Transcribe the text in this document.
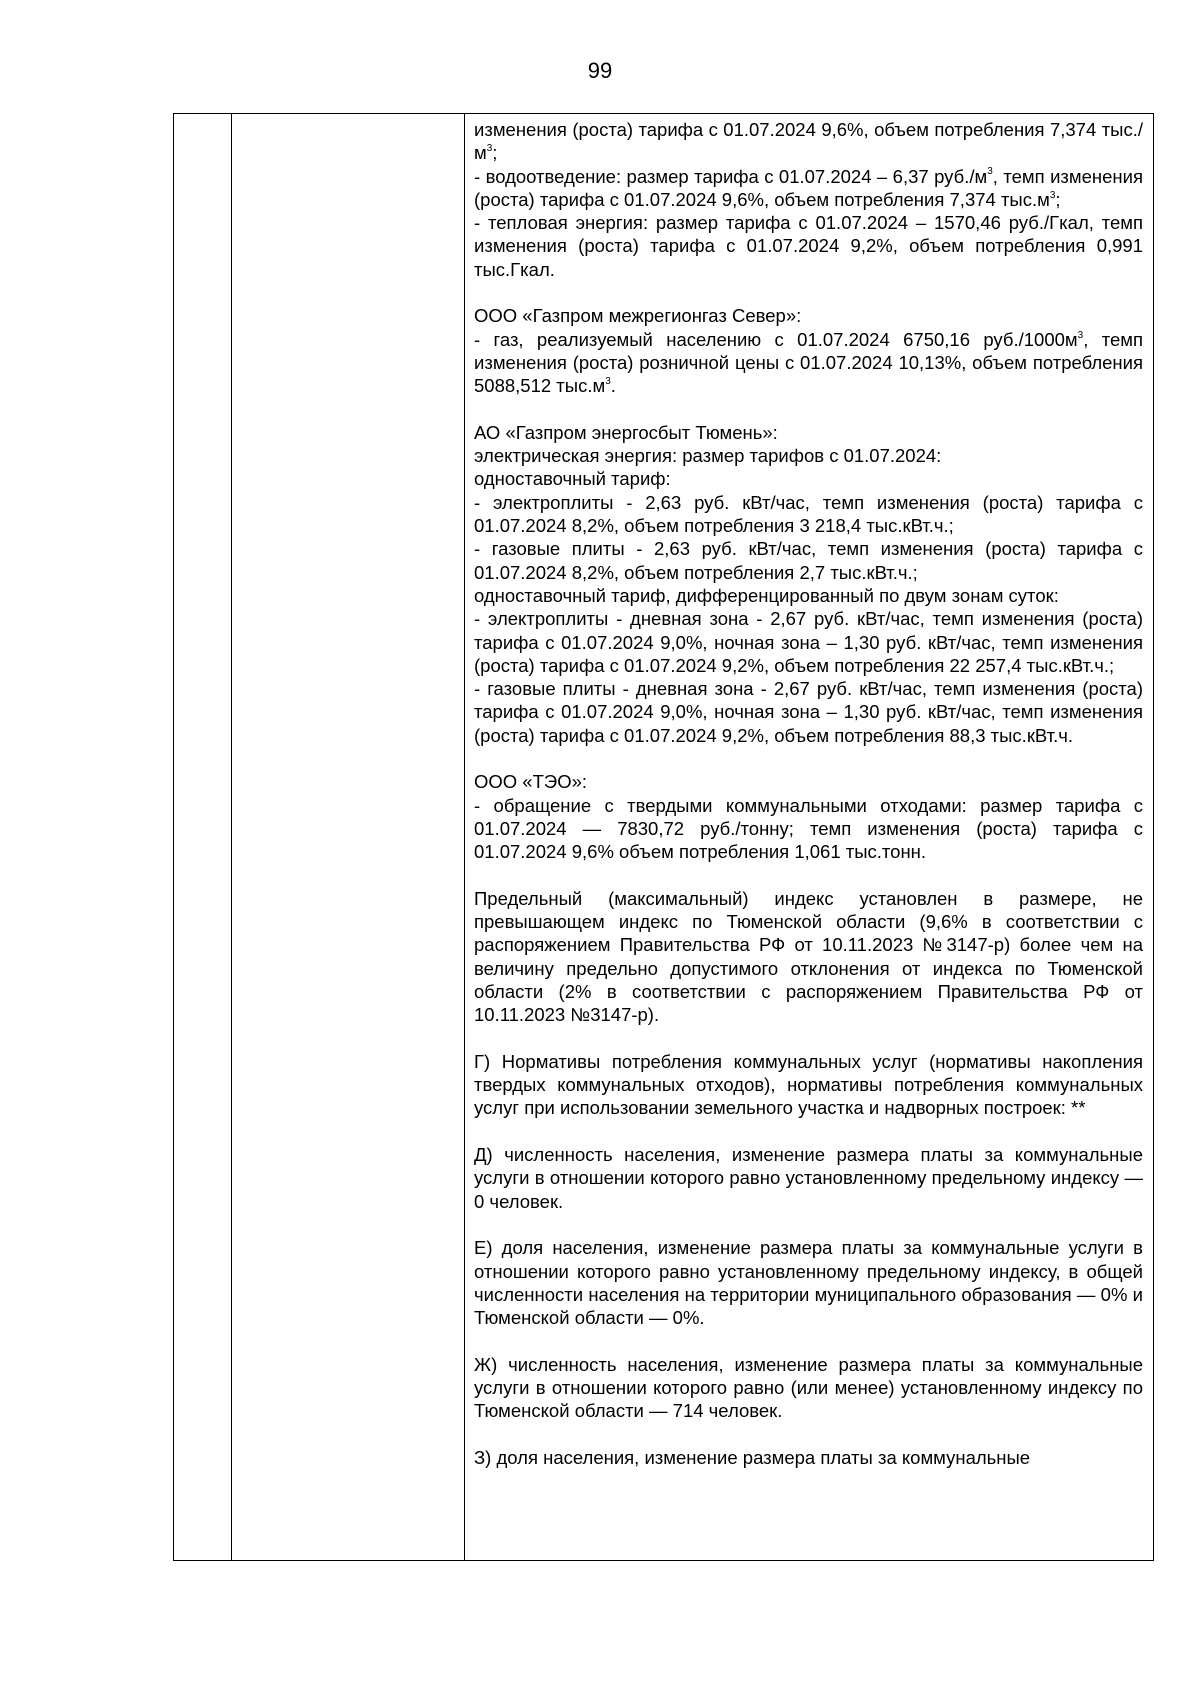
99

изменения (роста) тарифа с 01.07.2024 9,6%, объем потребления 7,374 $тыс./м^3$;

- водоотведение: размер тарифа с 01.07.2024 – 6,37 $руб./м^3$, темп изменения (роста) тарифа с 01.07.2024 9,6%, объем потребления 7,374 $тыс.м^3$;

- тепловая энергия: размер тарифа с 01.07.2024 – 1570,46 руб./Гкал, темп изменения (роста) тарифа с 01.07.2024 9,2%, объем потребления 0,991 тыс.Гкал.

ООО «Газпром межрегионгаз Север»:

- газ, реализуемый населению с 01.07.2024 6750,16 $руб./1000м^3$, темп изменения (роста) розничной цены с 01.07.2024 10,13%, объем потребления 5088,512 $тыс.м^3$.

АО «Газпром энергосбыт Тюмень»:

электрическая энергия: размер тарифов с 01.07.2024:

одноставочный тариф:

- электроплиты - 2,63 руб. кВт/час, темп изменения (роста) тарифа с 01.07.2024 8,2%, объем потребления 3 218,4 тыс.кВт.ч.;

- газовые плиты - 2,63 руб. кВт/час, темп изменения (роста) тарифа с 01.07.2024 8,2%, объем потребления 2,7 тыс.кВт.ч.;

одноставочный тариф, дифференцированный по двум зонам суток:

- электроплиты - дневная зона - 2,67 руб. кВт/час, темп изменения (роста) тарифа с 01.07.2024 9,0%, ночная зона – 1,30 руб. кВт/час, темп изменения (роста) тарифа с 01.07.2024 9,2%, объем потребления 22 257,4 тыс.кВт.ч.;

- газовые плиты - дневная зона - 2,67 руб. кВт/час, темп изменения (роста) тарифа с 01.07.2024 9,0%, ночная зона – 1,30 руб. кВт/час, темп изменения (роста) тарифа с 01.07.2024 9,2%, объем потребления 88,3 тыс.кВт.ч.

ООО «ТЭО»:

- обращение с твердыми коммунальными отходами: размер тарифа с 01.07.2024 — 7830,72 руб./тонну; темп изменения (роста) тарифа с 01.07.2024 9,6% объем потребления 1,061 тыс.тонн.

Предельный (максимальный) индекс установлен в размере, не превышающем индекс по Тюменской области (9,6% в соответствии с распоряжением Правительства РФ от 10.11.2023 №3147-р) более чем на величину предельно допустимого отклонения от индекса по Тюменской области (2% в соответствии с распоряжением Правительства РФ от 10.11.2023 №3147-р).

Г) Нормативы потребления коммунальных услуг (нормативы накопления твердых коммунальных отходов), нормативы потребления коммунальных услуг при использовании земельного участка и надворных построек: **

Д) численность населения, изменение размера платы за коммунальные услуги в отношении которого равно установленному предельному индексу — 0 человек.

Е) доля населения, изменение размера платы за коммунальные услуги в отношении которого равно установленному предельному индексу, в общей численности населения на территории муниципального образования — 0% и Тюменской области — 0%.

Ж) численность населения, изменение размера платы за коммунальные услуги в отношении которого равно (или менее) установленному индексу по Тюменской области — 714 человек.

З) доля населения, изменение размера платы за коммунальные
